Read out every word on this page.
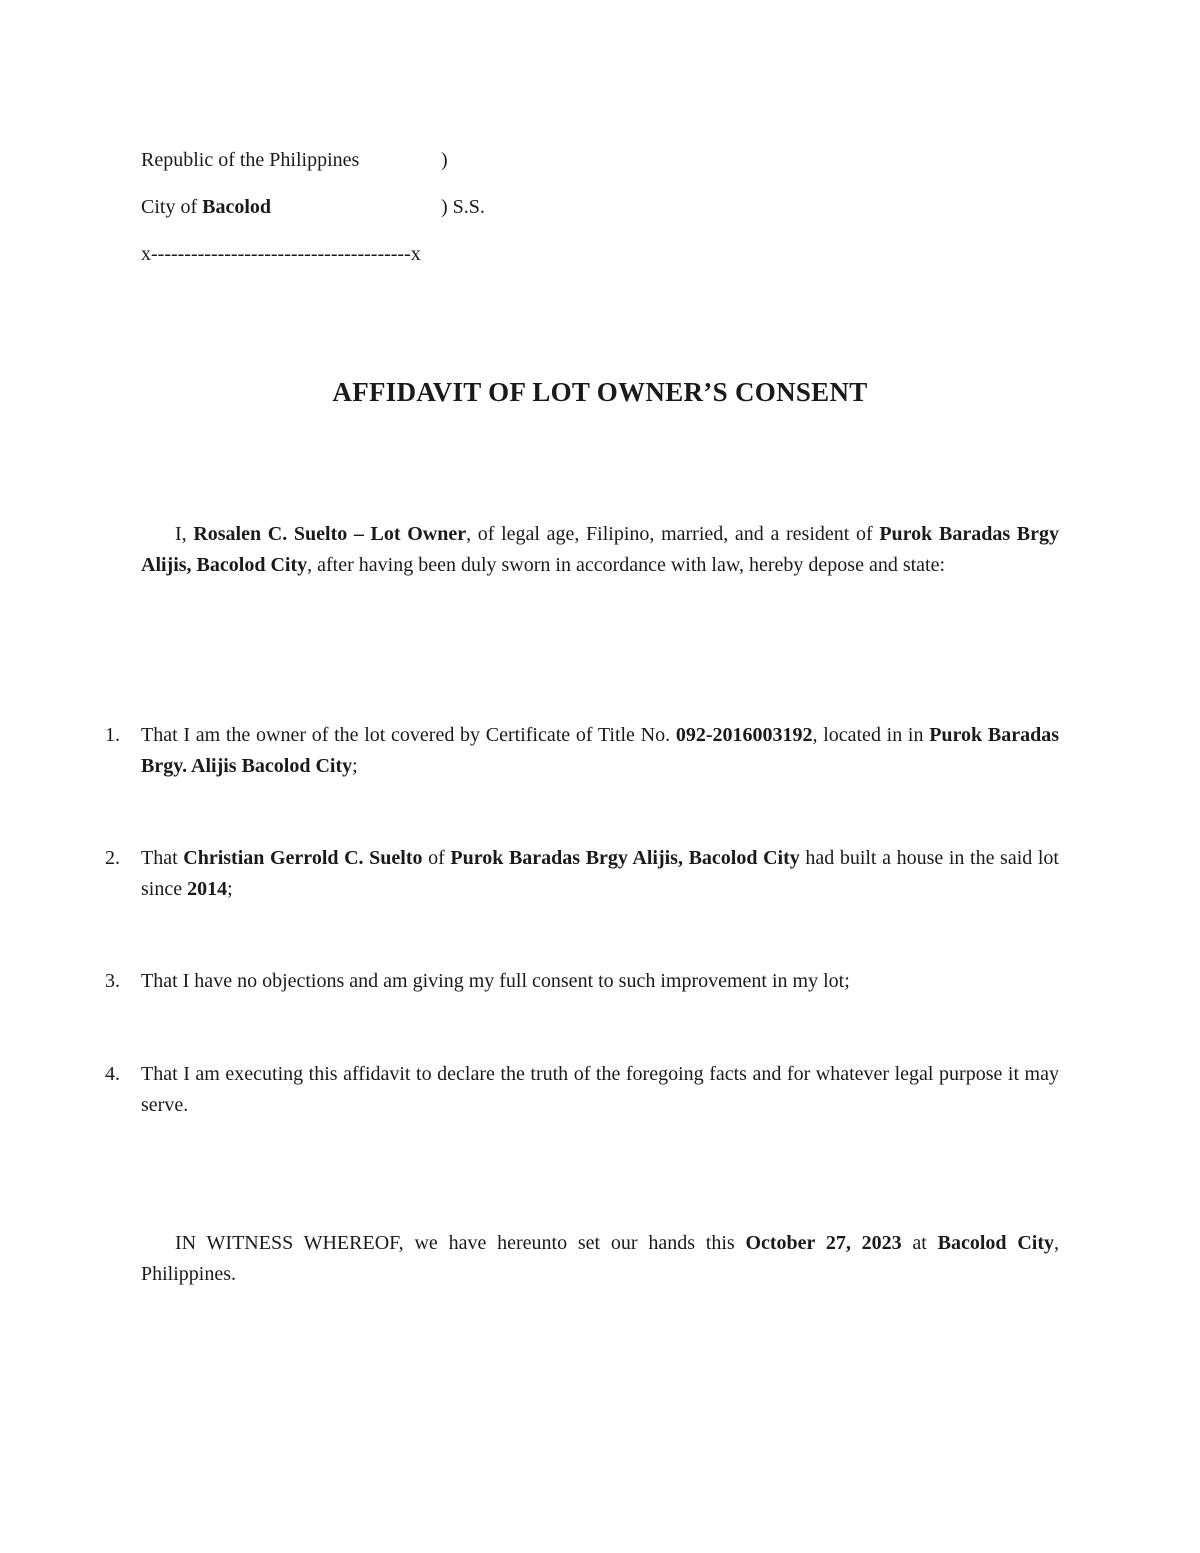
Republic of the Philippines	)
City of Bacolod	) S.S.
x---------------------------------------x
AFFIDAVIT OF LOT OWNER’S CONSENT
I, Rosalen C. Suelto – Lot Owner, of legal age, Filipino, married, and a resident of Purok Baradas Brgy Alijis, Bacolod City, after having been duly sworn in accordance with law, hereby depose and state:
1.	That I am the owner of the lot covered by Certificate of Title No. 092-2016003192, located in in Purok Baradas Brgy. Alijis Bacolod City;
2.	That Christian Gerrold C. Suelto of Purok Baradas Brgy Alijis, Bacolod City had built a house in the said lot since 2014;
3.	That I have no objections and am giving my full consent to such improvement in my lot;
4.	That I am executing this affidavit to declare the truth of the foregoing facts and for whatever legal purpose it may serve.
IN WITNESS WHEREOF, we have hereunto set our hands this October 27, 2023 at Bacolod City, Philippines.
